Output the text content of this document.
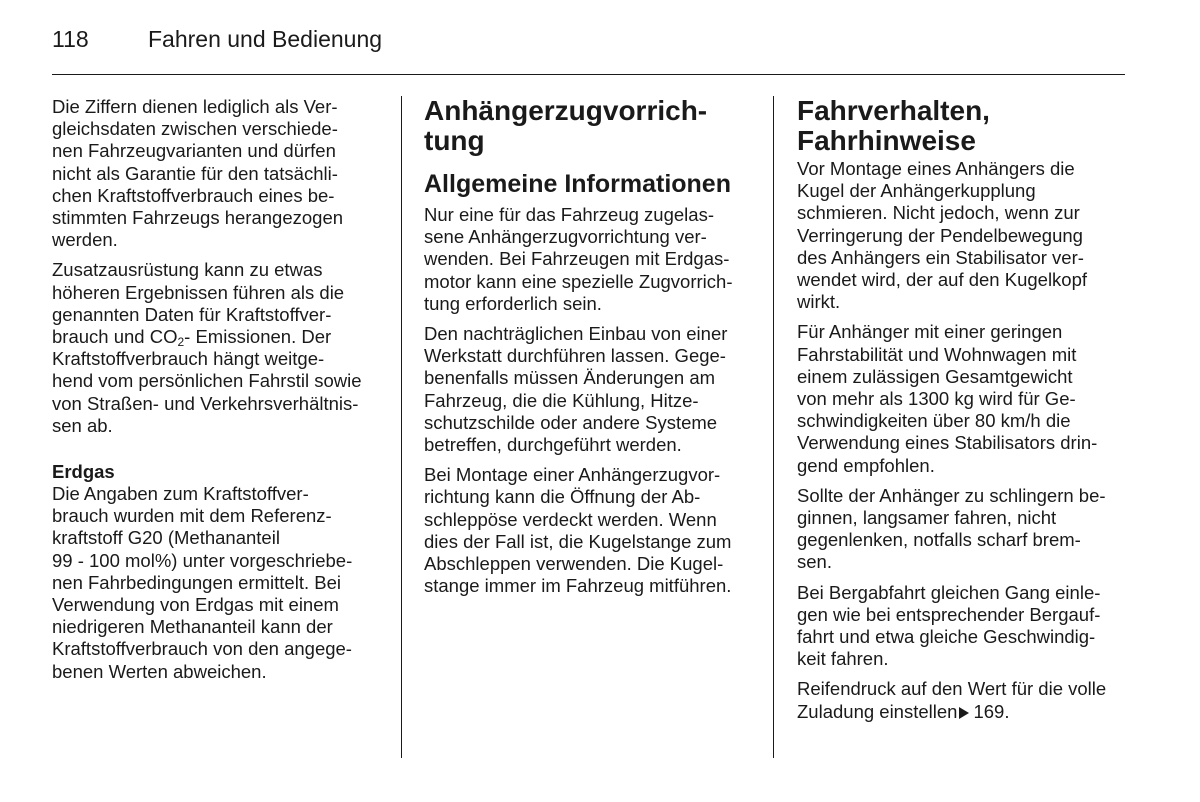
118	Fahren und Bedienung

Die Ziffern dienen lediglich als Ver-
gleichsdaten zwischen verschiede-
nen Fahrzeugvarianten und dürfen
nicht als Garantie für den tatsächli-
chen Kraftstoffverbrauch eines be-
stimmten Fahrzeugs herangezogen
werden.

Zusatzausrüstung kann zu etwas
höheren Ergebnissen führen als die
genannten Daten für Kraftstoffver-
brauch und $CO_2-$ Emissionen. Der
Kraftstoffverbrauch hängt weitge-
hend vom persönlichen Fahrstil sowie
von Straßen- und Verkehrsverhältnis-
sen ab.

Erdgas

Die Angaben zum Kraftstoffver-
brauch wurden mit dem Referenz-
kraftstoff G20 (Methananteil
99 - 100 mol%) unter vorgeschriebe-
nen Fahrbedingungen ermittelt. Bei
Verwendung von Erdgas mit einem
niedrigeren Methananteil kann der
Kraftstoffverbrauch von den angege-
benen Werten abweichen.

Anhängerzugvorrich-
tung
Allgemeine Informationen

Nur eine für das Fahrzeug zugelas-
sene Anhängerzugvorrichtung ver-
wenden. Bei Fahrzeugen mit Erdgas-
motor kann eine spezielle Zugvorrich-
tung erforderlich sein.

Den nachträglichen Einbau von einer
Werkstatt durchführen lassen. Gege-
benenfalls müssen Änderungen am
Fahrzeug, die die Kühlung, Hitze-
schutzschilde oder andere Systeme
betreffen, durchgeführt werden.

Bei Montage einer Anhängerzugvor-
richtung kann die Öffnung der Ab-
schleppöse verdeckt werden. Wenn
dies der Fall ist, die Kugelstange zum
Abschleppen verwenden. Die Kugel-
stange immer im Fahrzeug mitführen.

Fahrverhalten,
Fahrhinweise

Vor Montage eines Anhängers die
Kugel der Anhängerkupplung
schmieren. Nicht jedoch, wenn zur
Verringerung der Pendelbewegung
des Anhängers ein Stabilisator ver-
wendet wird, der auf den Kugelkopf
wirkt.

Für Anhänger mit einer geringen
Fahrstabilität und Wohnwagen mit
einem zulässigen Gesamtgewicht
von mehr als 1300 kg wird für Ge-
schwindigkeiten über 80 km/h die
Verwendung eines Stabilisators drin-
gend empfohlen.

Sollte der Anhänger zu schlingern be-
ginnen, langsamer fahren, nicht
gegenlenken, notfalls scharf brem-
sen.

Bei Bergabfahrt gleichen Gang einle-
gen wie bei entsprechender Bergauf-
fahrt und etwa gleiche Geschwindig-
keit fahren.

Reifendruck auf den Wert für die volle
Zuladung einstellen 169.
